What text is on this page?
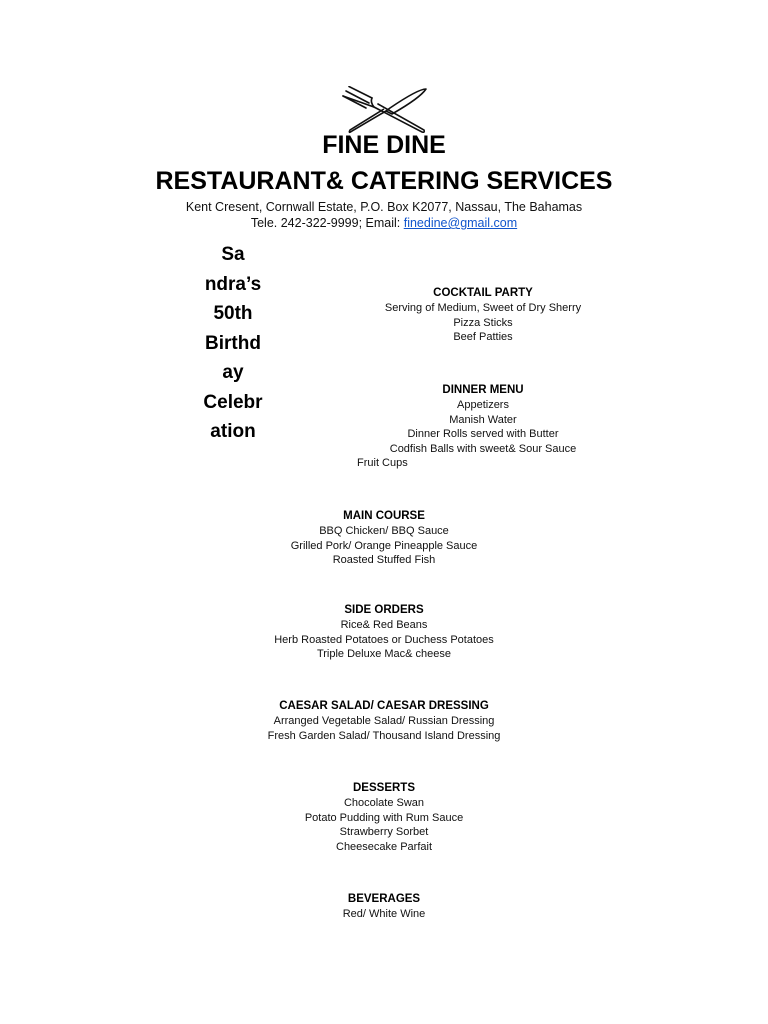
FINE DINE
RESTAURANT& CATERING SERVICES
Kent Cresent, Cornwall Estate, P.O. Box K2077, Nassau, The Bahamas
Tele. 242-322-9999; Email: finedine@gmail.com
Sa
ndra’s
50th
Birthd
ay
Celebr
ation
COCKTAIL PARTY
Serving of Medium, Sweet of Dry Sherry
Pizza Sticks
Beef Patties
DINNER MENU
Appetizers
Manish Water
Dinner Rolls served with Butter
Codfish Balls with sweet& Sour Sauce
Fruit Cups
MAIN COURSE
BBQ Chicken/ BBQ Sauce
Grilled Pork/ Orange Pineapple Sauce
Roasted Stuffed Fish
SIDE ORDERS
Rice& Red Beans
Herb Roasted Potatoes or Duchess Potatoes
Triple Deluxe Mac& cheese
CAESAR SALAD/ CAESAR DRESSING
Arranged Vegetable Salad/ Russian Dressing
Fresh Garden Salad/ Thousand Island Dressing
DESSERTS
Chocolate Swan
Potato Pudding with Rum Sauce
Strawberry Sorbet
Cheesecake Parfait
BEVERAGES
Red/ White Wine
